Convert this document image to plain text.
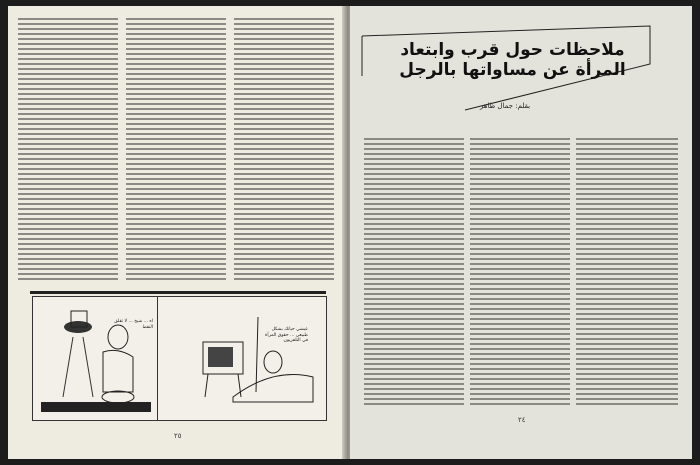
اه ... شيخ ... لا تقلق النفط	عيشي حياتك بشكل طبيعي ... حقوق المرأة في التلفزيون
٢٥
ملاحظات حول قرب وابتعاد المرأة عن مساواتها بالرجل
بقلم: جمال ظاهر
٢٤
